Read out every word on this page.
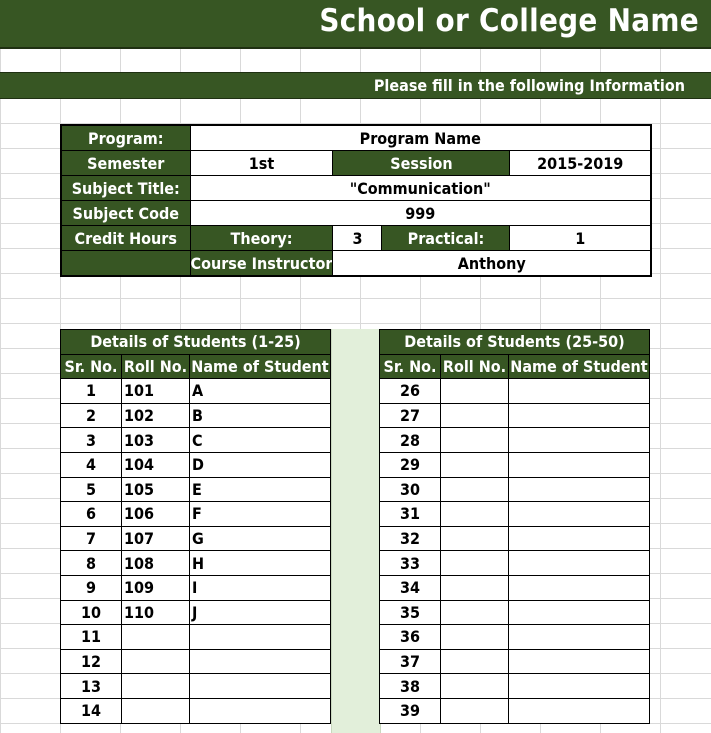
School or College Name
Please fill in the following Information
Program:	Program Name			
Semester	1st	Session		2015-2019
Subject Title:	"Communication"			
Subject Code	999			
Credit Hours	Theory:	3	Practical:	1
	Course Instructor	Anthony		
Details of Students (1-25)		
Sr. No.	Roll No.	Name of Student
1	101	A
2	102	B
3	103	C
4	104	D
5	105	E
6	106	F
7	107	G
8	108	H
9	109	I
10	110	J
11		
12		
13		
14		
Details of Students (25-50)		
Sr. No.	Roll No.	Name of Student
26		
27		
28		
29		
30		
31		
32		
33		
34		
35		
36		
37		
38		
39		
